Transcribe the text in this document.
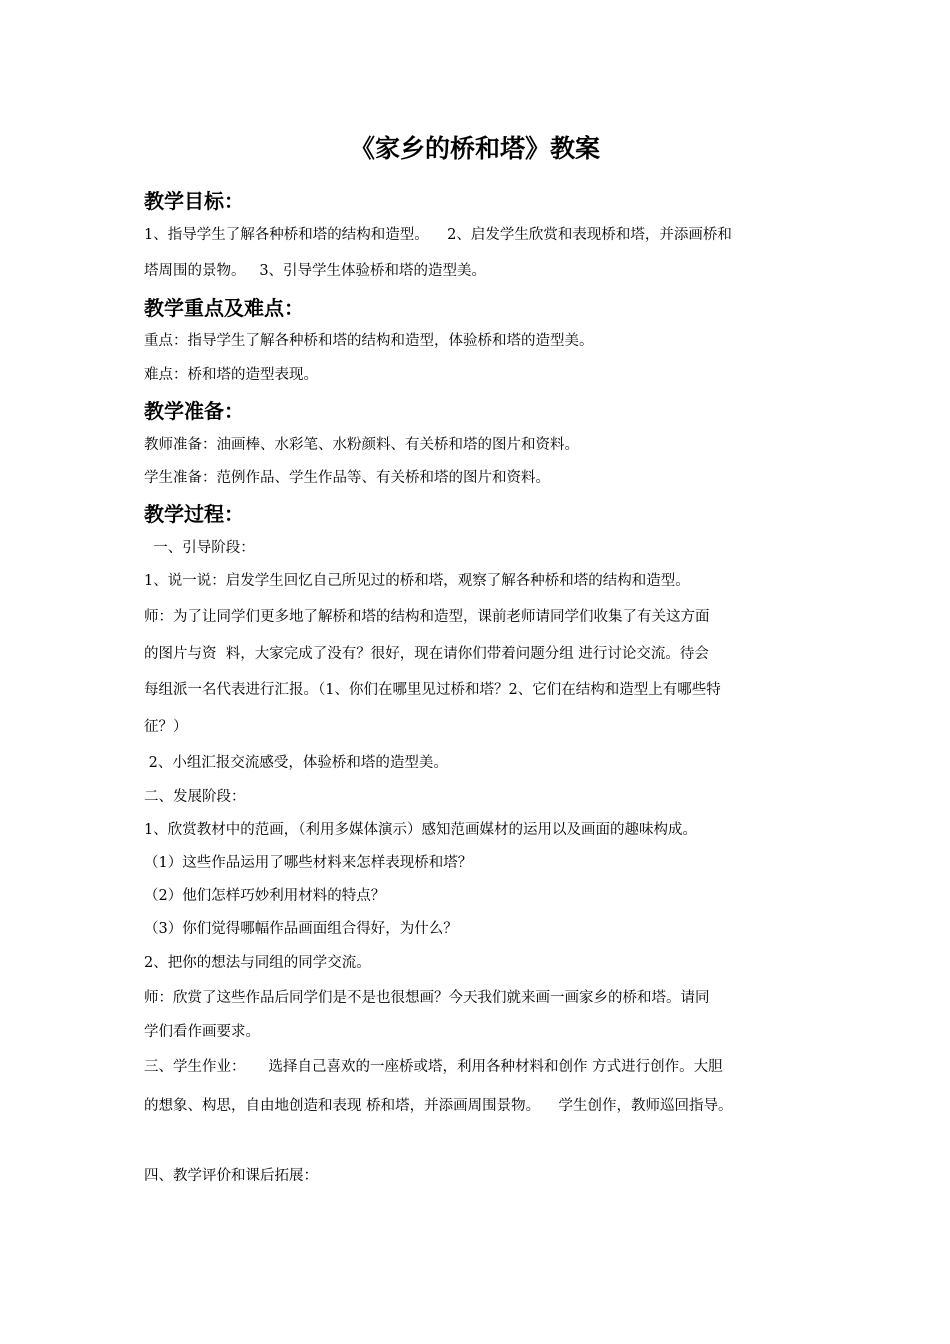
《家乡的桥和塔》教案
教学目标：
1、指导学生了解各种桥和塔的结构和造型。    2、启发学生欣赏和表现桥和塔，并添画桥和
塔周围的景物。   3、引导学生体验桥和塔的造型美。
教学重点及难点：
重点：指导学生了解各种桥和塔的结构和造型，体验桥和塔的造型美。
难点：桥和塔的造型表现。
教学准备：
教师准备：油画棒、水彩笔、水粉颜料、有关桥和塔的图片和资料。
学生准备：范例作品、学生作品等、有关桥和塔的图片和资料。
教学过程：
一、引导阶段：
1、说一说：启发学生回忆自己所见过的桥和塔，观察了解各种桥和塔的结构和造型。
师：为了让同学们更多地了解桥和塔的结构和造型，课前老师请同学们收集了有关这方面
的图片与资  料，大家完成了没有？很好，现在请你们带着问题分组 进行讨论交流。待会
每组派一名代表进行汇报。（1、你们在哪里见过桥和塔？2、它们在结构和造型上有哪些特
征？）
2、小组汇报交流感受，体验桥和塔的造型美。
二、发展阶段：
1、欣赏教材中的范画，（利用多媒体演示）感知范画媒材的运用以及画面的趣味构成。
（1）这些作品运用了哪些材料来怎样表现桥和塔？
（2）他们怎样巧妙利用材料的特点？
（3）你们觉得哪幅作品画面组合得好，为什么？
2、把你的想法与同组的同学交流。
师：欣赏了这些作品后同学们是不是也很想画？今天我们就来画一画家乡的桥和塔。请同
学们看作画要求。
三、学生作业：     选择自己喜欢的一座桥或塔，利用各种材料和创作 方式进行创作。大胆
的想象、构思，自由地创造和表现 桥和塔，并添画周围景物。    学生创作，教师巡回指导。
四、教学评价和课后拓展：
